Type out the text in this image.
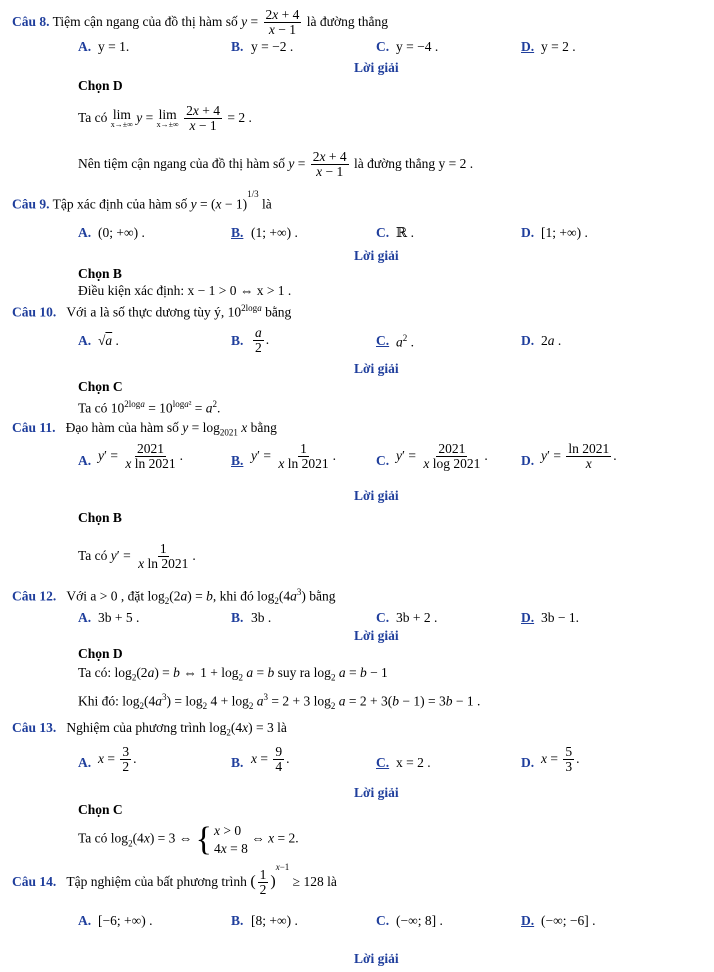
Câu 8. Tiệm cận ngang của đồ thị hàm số $y = \frac{2x + 4}{x - 1}$ là đường thẳng
A. y = 1.	B. y = −2 .	C. y = −4 .	D. y = 2 .
Lời giải
Chọn D
Ta có lim
x→±∞
y = lim
x→±∞
$\frac{2x + 4}{x - 1} = 2$ .
Nên tiệm cận ngang của đồ thị hàm số $y = \frac{2x + 4}{x - 1}$ là đường thẳng y = 2 .
Câu 9. Tập xác định của hàm số $y = (x - 1)^{1/3}$ là
A. (0; +∞) .	B. (1; +∞) .	C. ℝ .	D. [1; +∞) .
Lời giải
Chọn B
Điều kiện xác định: x − 1 > 0 ⇔ x > 1 .
Câu 10. Với a là số thực dương tùy ý, $10^{2loga}$ bằng
A. √a .	B. $\frac{a}{2}$ .	C. $a^2$ .	D. 2a .
Lời giải
Chọn C
Ta có $10^{2loga} = 10^{loga^2} = a^2$.
Câu 11. Đạo hàm của hàm số $y = \log_{2021} x$ bằng
A. $y' = \frac{2021}{\text{x ln 2021}}$ .	B. $y' = \frac{1}{\text{x ln 2021}}$ .	C. $y' = \frac{2021}{\text{x log 2021}}$ . D. $y' = \frac{\ln 2021}{x}$ .
Lời giải
Chọn B
Ta có $y' = \frac{1}{\text{x ln 2021}}$ .
Câu 12. Với a > 0 , đặt $\log_2(2a) = b$, khi đó $\log_2(4a^3)$ bằng
A. 3b + 5 .	B. 3b .	C. 3b + 2 .	D. 3b − 1.
Lời giải
Chọn D
Ta có: $\log_2(2a) = b$ ⇔ $1 + \log_2 a = b$ suy ra $\log_2 a = b - 1$
Khi đó: $\log_2(4a^3) = \log_2 4 + \log_2 a^3 = 2 + 3$ $\log_2 a = 2 + 3(b - 1) = 3b - 1$ .
Câu 13. Nghiệm của phương trình $\log_2(4x) = 3$ là
A. $x = \frac{3}{2}$ .	B. $x = \frac{9}{4}$ .	C. x = 2 .	D. $x = \frac{5}{3}$ .
Lời giải
Chọn C
Ta có $\log_2(4x) = 3$ ⇔ { x > 0
4x = 8
⇔ x = 2.
Câu 14. Tập nghiệm của bất phương trình ( $\frac{1}{2} )^{x-1} \ge 128$ là
A. [−6; +∞) .	B. [8; +∞) .	C. (−∞; 8] .	D. (−∞; −6] .
Lời giải
